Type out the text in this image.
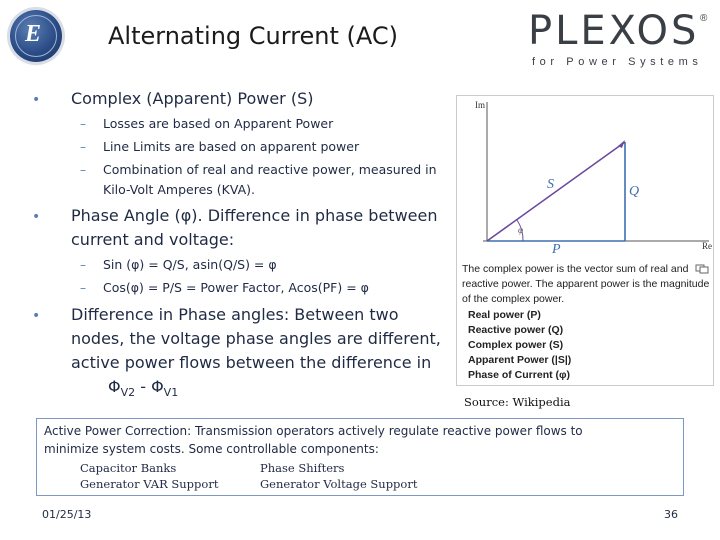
E	Alternating Current (AC)	PLEXOS ®
for Power Systems
• Complex (Apparent) Power (S)
– Losses are based on Apparent Power
– Line Limits are based on apparent power
– Combination of real and reactive power, measured in
Kilo-Volt Amperes (KVA).
• Phase Angle (φ). Difference in phase between
current and voltage:
– Sin (φ) = Q/S, asin(Q/S) = φ
– Cos(φ) = P/S = Power Factor, Acos(PF) = φ
• Difference in Phase angles: Between two
nodes, the voltage phase angles are different,
active power flows between the difference in
$\Phi_{V2} - \Phi_{V1}$
Im
Re
φ
S	Q
P
The complex power is the vector sum of real and reactive power. The apparent power is the magnitude of the complex power.
Real power (P)
Reactive power (Q)
Complex power (S)
Apparent Power (|S|)
Phase of Current (φ)
Source: Wikipedia
Active Power Correction: Transmission operators actively regulate reactive power flows to
minimize system costs. Some controllable components:
Capacitor Banks	Phase Shifters
Generator VAR Support	Generator Voltage Support
01/25/13	36
